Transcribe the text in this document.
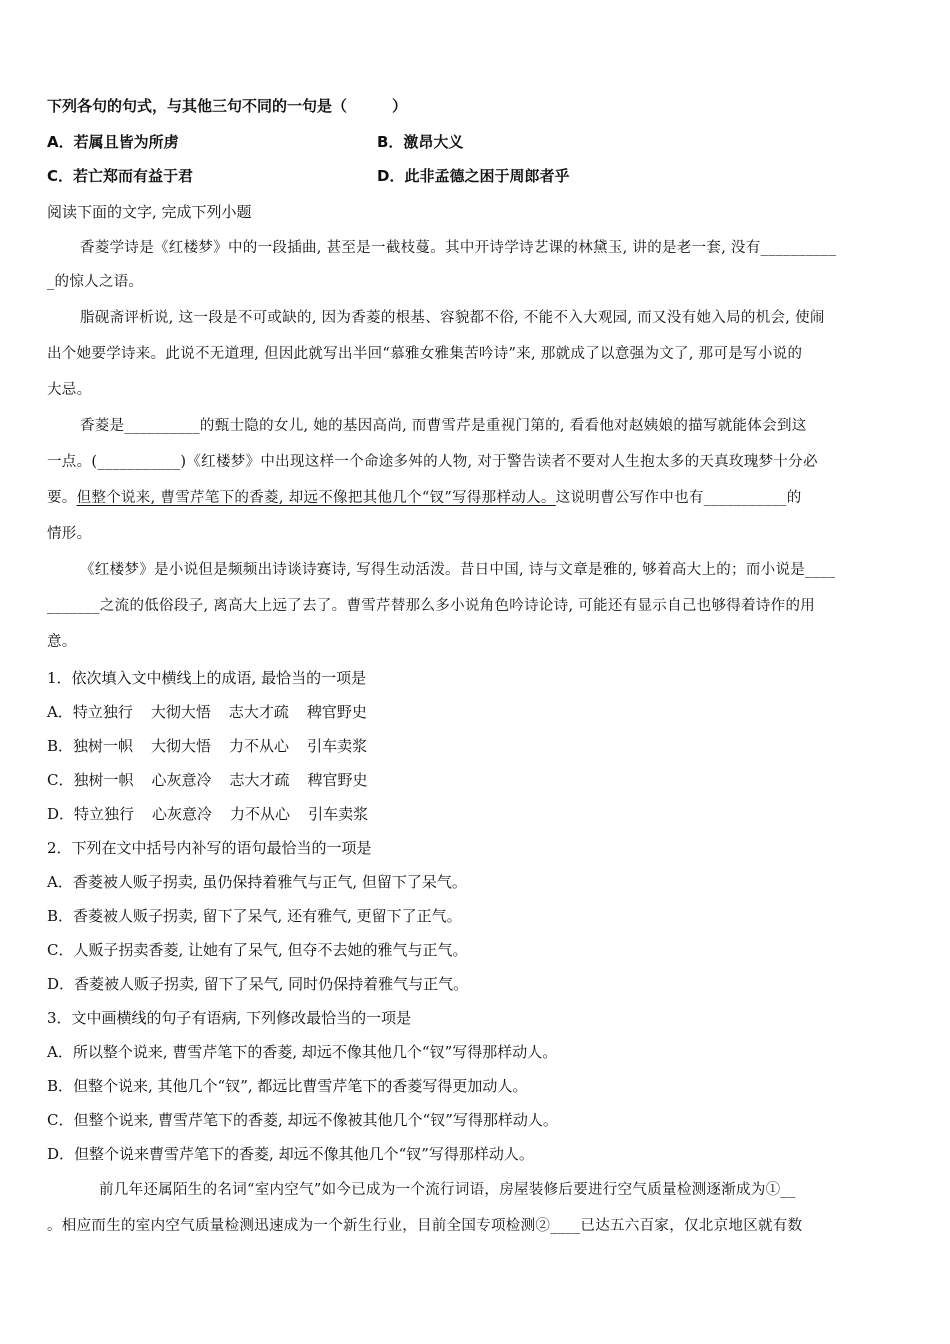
下列各句的句式，与其他三句不同的一句是（　　　）
A．若属且皆为所虏	B．激昂大义
C．若亡郑而有益于君	D．此非孟德之困于周郎者乎
阅读下面的文字, 完成下列小题
香菱学诗是《红楼梦》中的一段插曲, 甚至是一截枝蔓。其中开诗学诗艺课的林黛玉, 讲的是老一套, 没有__________
_的惊人之语。
脂砚斋评析说, 这一段是不可或缺的, 因为香菱的根基、容貌都不俗, 不能不入大观园, 而又没有她入局的机会, 使闹
出个她要学诗来。此说不无道理, 但因此就写出半回“慕雅女雅集苦吟诗”来, 那就成了以意强为文了, 那可是写小说的
大忌。
香菱是__________的甄士隐的女儿, 她的基因高尚, 而曹雪芹是重视门第的, 看看他对赵姨娘的描写就能体会到这
一点。(___________)《红楼梦》中出现这样一个命途多舛的人物, 对于警告读者不要对人生抱太多的天真玫瑰梦十分必
要。但整个说来, 曹雪芹笔下的香菱, 却远不像把其他几个“钗”写得那样动人。这说明曹公写作中也有___________的
情形。
《红楼梦》是小说但是频频出诗谈诗赛诗, 写得生动活泼。昔日中国, 诗与文章是雅的, 够着高大上的；而小说是____
_______之流的低俗段子, 离高大上远了去了。曹雪芹替那么多小说角色吟诗论诗, 可能还有显示自己也够得着诗作的用
意。
1．依次填入文中横线上的成语, 最恰当的一项是
A．特立独行 大彻大悟 志大才疏 稗官野史
B．独树一帜 大彻大悟 力不从心 引车卖浆
C．独树一帜 心灰意冷 志大才疏 稗官野史
D．特立独行 心灰意冷 力不从心 引车卖浆
2．下列在文中括号内补写的语句最恰当的一项是
A．香菱被人贩子拐卖, 虽仍保持着雅气与正气, 但留下了呆气。
B．香菱被人贩子拐卖, 留下了呆气, 还有雅气, 更留下了正气。
C．人贩子拐卖香菱, 让她有了呆气, 但夺不去她的雅气与正气。
D．香菱被人贩子拐卖, 留下了呆气, 同时仍保持着雅气与正气。
3．文中画横线的句子有语病, 下列修改最恰当的一项是
A．所以整个说来, 曹雪芹笔下的香菱, 却远不像其他几个“钗”写得那样动人。
B．但整个说来, 其他几个“钗”, 都远比曹雪芹笔下的香菱写得更加动人。
C．但整个说来, 曹雪芹笔下的香菱, 却远不像被其他几个“钗”写得那样动人。
D．但整个说来曹雪芹笔下的香菱, 却远不像其他几个“钗”写得那样动人。
前几年还属陌生的名词“室内空气”如今已成为一个流行词语，房屋装修后要进行空气质量检测逐渐成为①__
。相应而生的室内空气质量检测迅速成为一个新生行业，目前全国专项检测②____已达五六百家，仅北京地区就有数
